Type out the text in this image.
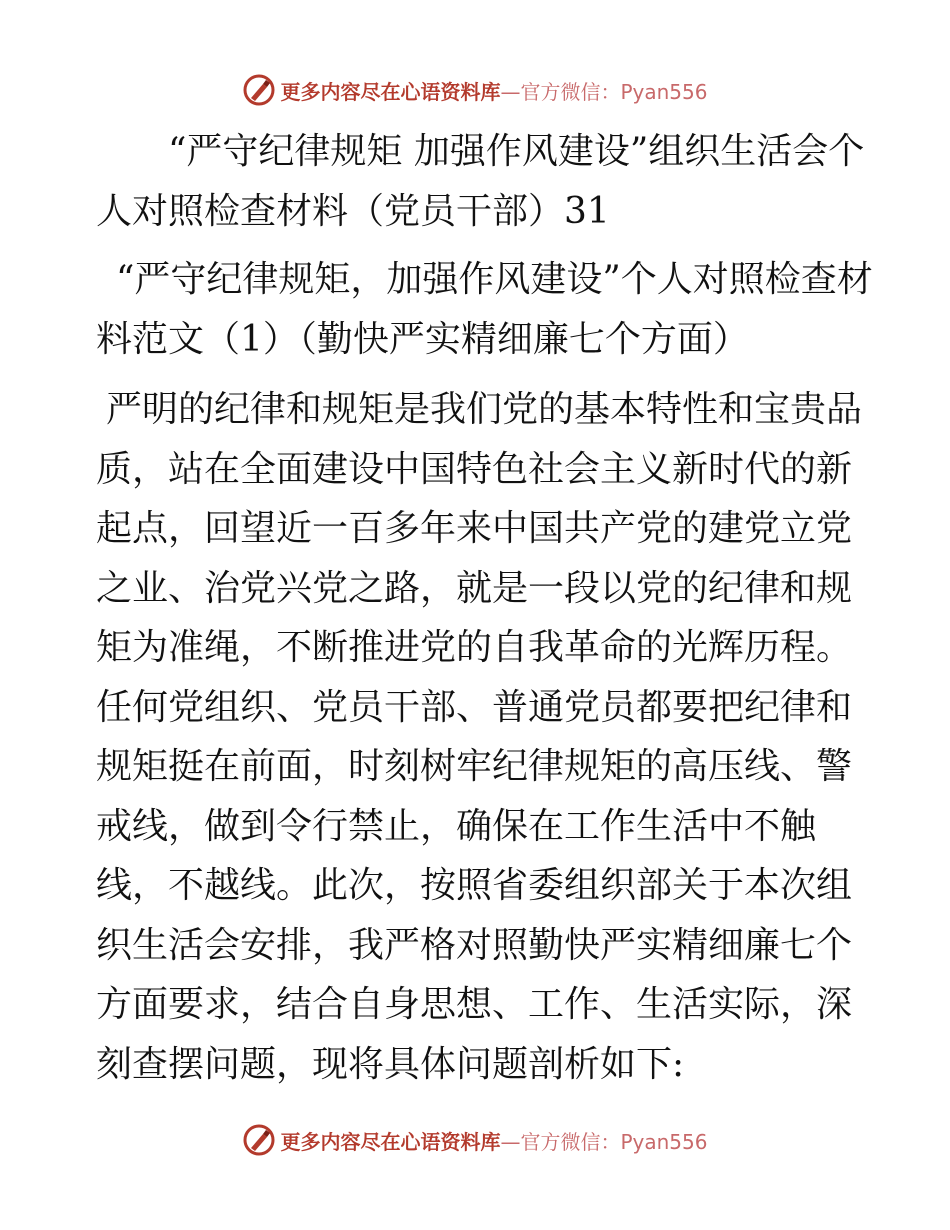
更多内容尽在心语资料库 —官方微信：Pyan556

“严守纪律规矩 加强作风建设”组织生活会个人对照检查材料（党员干部）31

“严守纪律规矩，加强作风建设”个人对照检查材料范文（1）（勤快严实精细廉七个方面）

严明的纪律和规矩是我们党的基本特性和宝贵品质，站在全面建设中国特色社会主义新时代的新起点，回望近一百多年来中国共产党的建党立党之业、治党兴党之路，就是一段以党的纪律和规矩为准绳，不断推进党的自我革命的光辉历程。任何党组织、党员干部、普通党员都要把纪律和规矩挺在前面，时刻树牢纪律规矩的高压线、警戒线，做到令行禁止，确保在工作生活中不触线，不越线。此次，按照省委组织部关于本次组织生活会安排，我严格对照勤快严实精细廉七个方面要求，结合自身思想、工作、生活实际，深刻查摆问题，现将具体问题剖析如下:

更多内容尽在心语资料库 —官方微信：Pyan556
